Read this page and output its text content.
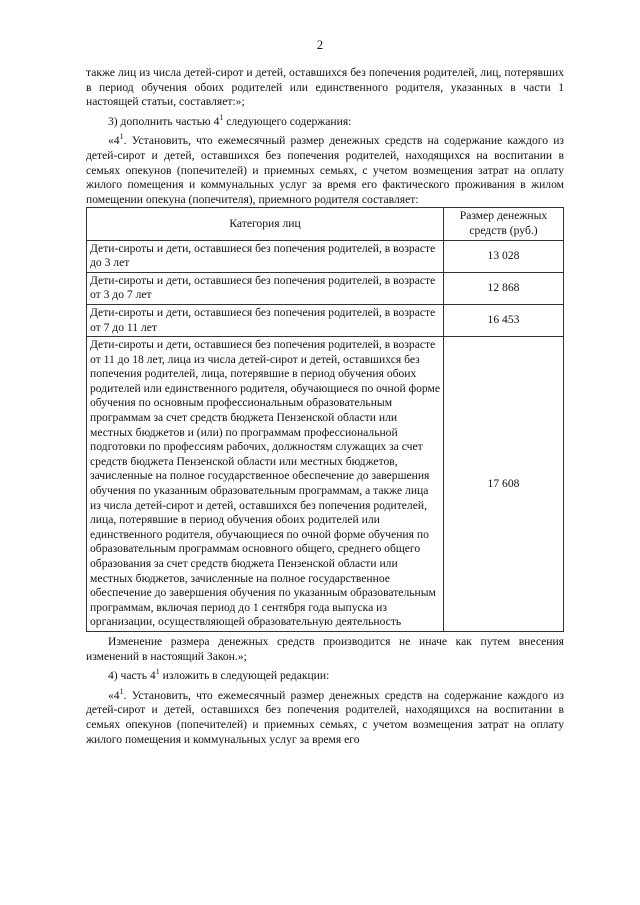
2

также лиц из числа детей-сирот и детей, оставшихся без попечения родителей, лиц, потерявших в период обучения обоих родителей или единственного родителя, указанных в части 1 настоящей статьи, составляет:»;

3) дополнить частью $4^1$ следующего содержания:

«$4^1$. Установить, что ежемесячный размер денежных средств на содержание каждого из детей-сирот и детей, оставшихся без попечения родителей, находящихся на воспитании в семьях опекунов (попечителей) и приемных семьях, с учетом возмещения затрат на оплату жилого помещения и коммунальных услуг за время его фактического проживания в жилом помещении опекуна (попечителя), приемного родителя составляет:

Категория лиц	Размер денежных средств (руб.)
Дети-сироты и дети, оставшиеся без попечения родителей, в возрасте до 3 лет	13 028
Дети-сироты и дети, оставшиеся без попечения родителей, в возрасте от 3 до 7 лет	12 868
Дети-сироты и дети, оставшиеся без попечения родителей, в возрасте от 7 до 11 лет	16 453
Дети-сироты и дети, оставшиеся без попечения родителей, в возрасте от 11 до 18 лет, лица из числа детей-сирот и детей, оставшихся без попечения родителей, лица, потерявшие в период обучения обоих родителей или единственного родителя, обучающиеся по очной форме обучения по основным профессиональным образовательным программам за счет средств бюджета Пензенской области или местных бюджетов и (или) по программам профессиональной подготовки по профессиям рабочих, должностям служащих за счет средств бюджета Пензенской области или местных бюджетов, зачисленные на полное государственное обеспечение до завершения обучения по указанным образовательным программам, а также лица из числа детей-сирот и детей, оставшихся без попечения родителей, лица, потерявшие в период обучения обоих родителей или единственного родителя, обучающиеся по очной форме обучения по образовательным программам основного общего, среднего общего образования за счет средств бюджета Пензенской области или местных бюджетов, зачисленные на полное государственное обеспечение до завершения обучения по указанным образовательным программам, включая период до 1 сентября года выпуска из организации, осуществляющей образовательную деятельность	17 608

Изменение размера денежных средств производится не иначе как путем внесения изменений в настоящий Закон.»;

4) часть $4^1$ изложить в следующей редакции:

«$4^1$. Установить, что ежемесячный размер денежных средств на содержание каждого из детей-сирот и детей, оставшихся без попечения родителей, находящихся на воспитании в семьях опекунов (попечителей) и приемных семьях, с учетом возмещения затрат на оплату жилого помещения и коммунальных услуг за время его
